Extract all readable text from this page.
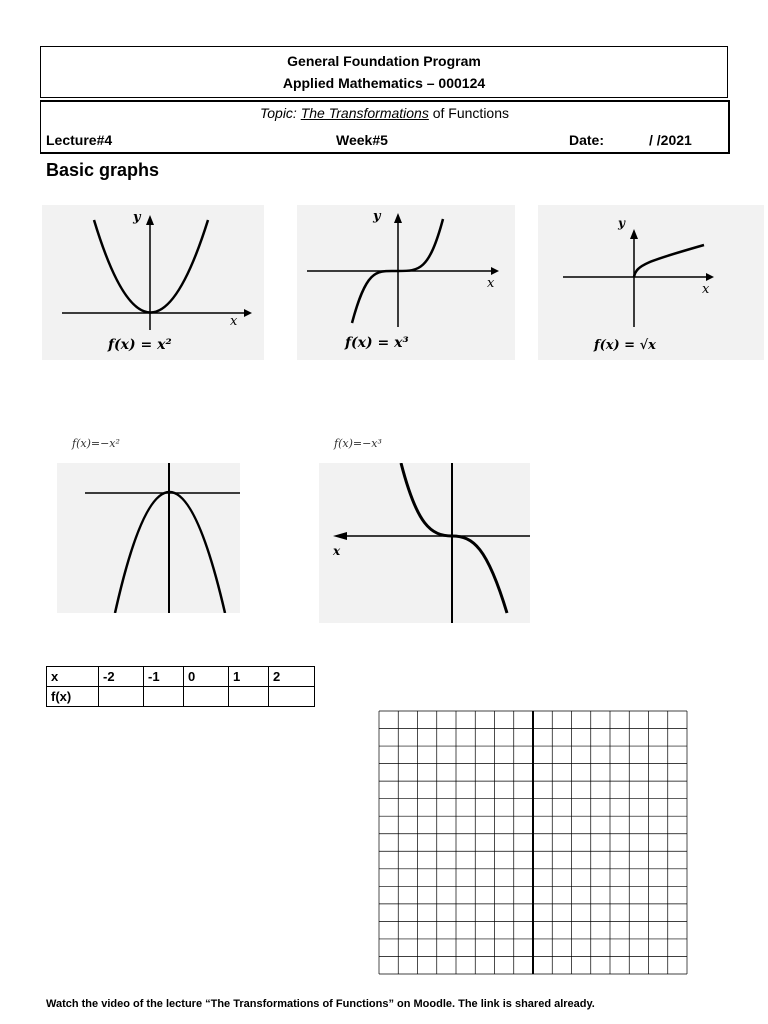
General Foundation Program
Applied Mathematics – 000124
Topic: The Transformations of Functions
Lecture#4	Week#5	Date:	/ /2021
Basic graphs
y
x
f(x) = x²
y
x
f(x) = x³
y
x
f(x) = √x
f(x)=−x²	f(x)=−x³
x
x	-2	-1	0	1	2
f(x)					
Watch the video of the lecture “The Transformations of Functions” on Moodle. The link is shared already.
